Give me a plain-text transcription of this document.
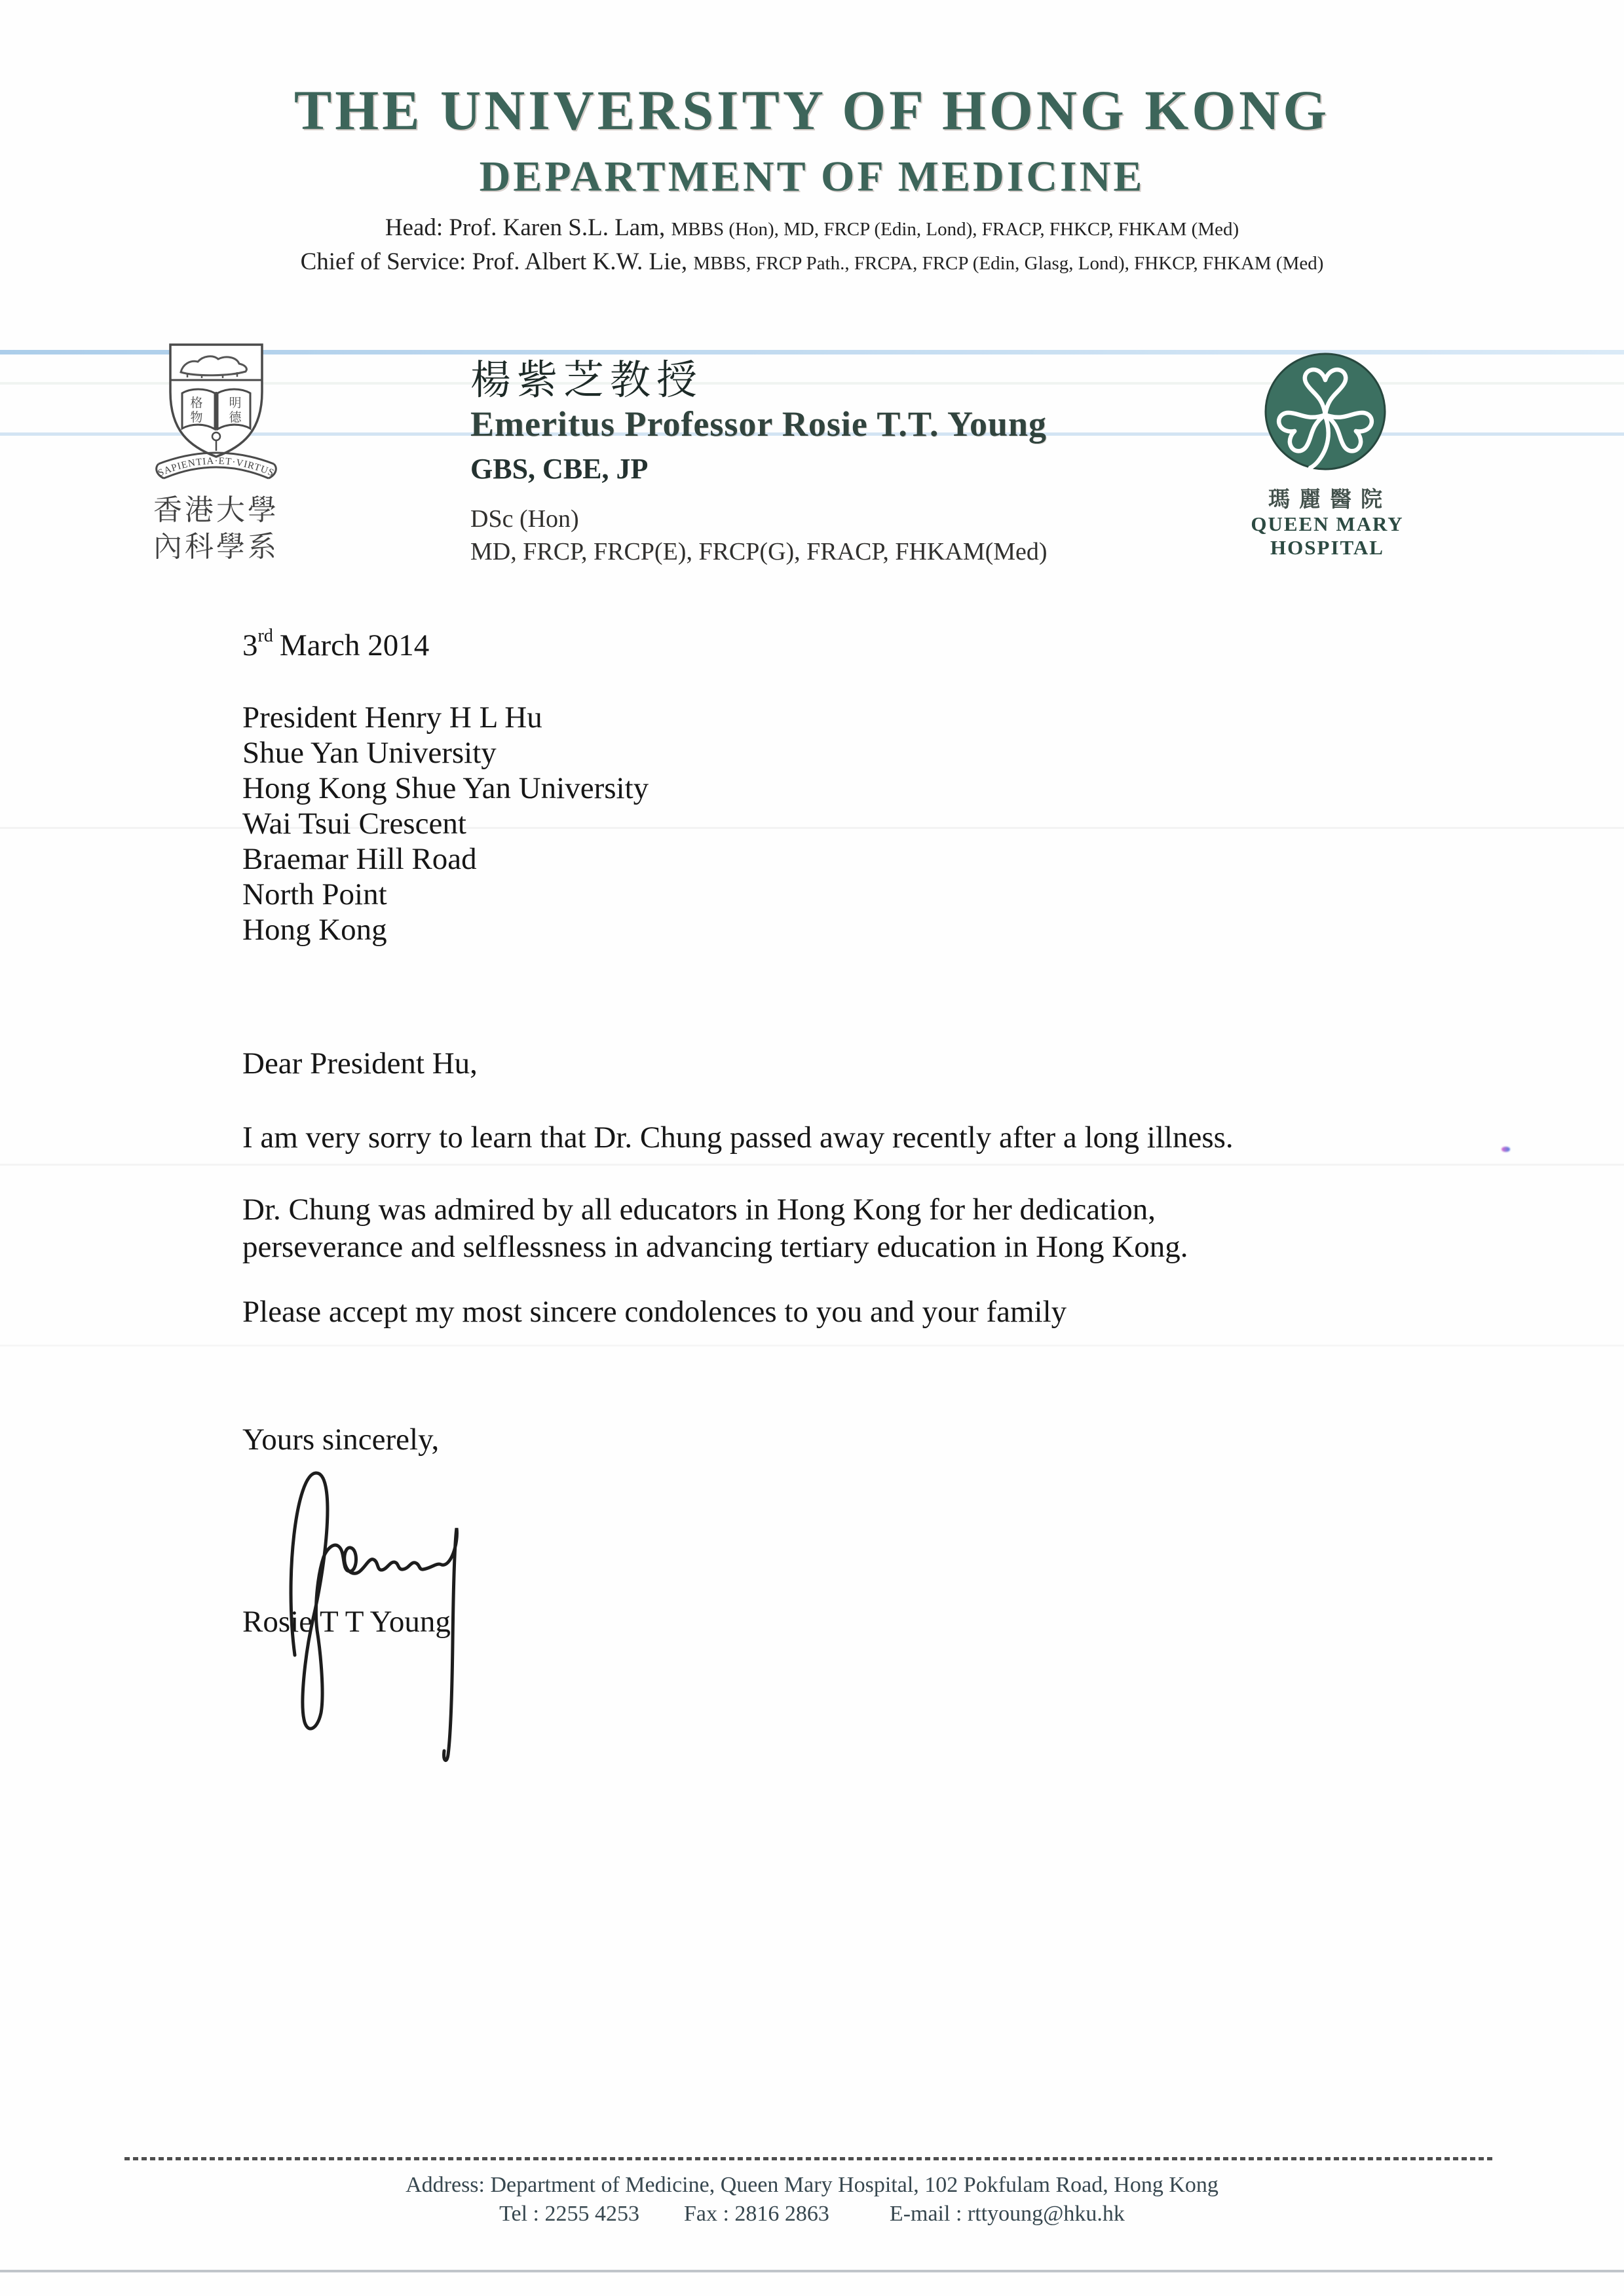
THE UNIVERSITY OF HONG KONG
DEPARTMENT OF MEDICINE
Head: Prof. Karen S.L. Lam, MBBS (Hon), MD, FRCP (Edin, Lond), FRACP, FHKCP, FHKAM (Med)
Chief of Service: Prof. Albert K.W. Lie, MBBS, FRCP Path., FRCPA, FRCP (Edin, Glasg, Lond), FHKCP, FHKAM (Med)
格
物
明
德
SAPIENTIA·ET·VIRTUS
香港大學
內科學系
楊紫芝教授
Emeritus Professor Rosie T.T. Young
GBS, CBE, JP
DSc (Hon)
MD, FRCP, FRCP(E), FRCP(G), FRACP, FHKAM(Med)
瑪麗醫院
QUEEN MARY HOSPITAL
3rd March 2014
President Henry H L Hu
Shue Yan University
Hong Kong Shue Yan University
Wai Tsui Crescent
Braemar Hill Road
North Point
Hong Kong
Dear President Hu,
I am very sorry to learn that Dr. Chung passed away recently after a long illness.
Dr. Chung was admired by all educators in Hong Kong for her dedication,
perseverance and selflessness in advancing tertiary education in Hong Kong.
Please accept my most sincere condolences to you and your family
Yours sincerely,
Rosie T T Young
Address: Department of Medicine, Queen Mary Hospital, 102 Pokfulam Road, Hong Kong
Tel : 2255 4253 Fax : 2816 2863	E-mail : rttyoung@hku.hk
